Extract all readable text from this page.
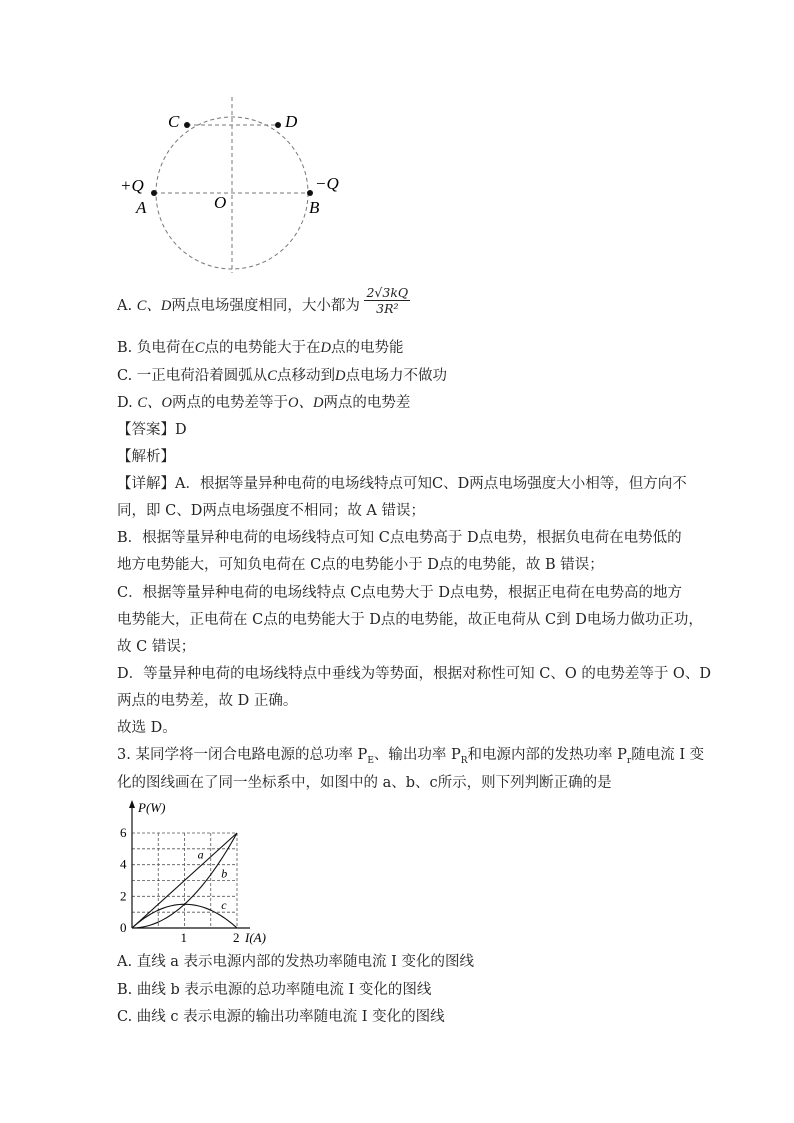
C	D
+Q	−Q
A	O	B
A. C、D两点电场强度相同，大小都为 $\frac{2√3kQ}{\text{3R²}}$
B. 负电荷在C点的电势能大于在D点的电势能
C. 一正电荷沿着圆弧从C点移动到D点电场力不做功
D. C、O两点的电势差等于O、D两点的电势差
【答案】D
【解析】
【详解】A．根据等量异种电荷的电场线特点可知C、D两点电场强度大小相等，但方向不
同，即 C、D两点电场强度不相同；故 A 错误；
B．根据等量异种电荷的电场线特点可知 C点电势高于 D点电势，根据负电荷在电势低的
地方电势能大，可知负电荷在 C点的电势能小于 D点的电势能，故 B 错误；
C．根据等量异种电荷的电场线特点 C点电势大于 D点电势，根据正电荷在电势高的地方
电势能大，正电荷在 C点的电势能大于 D点的电势能，故正电荷从 C到 D电场力做功正功，
故 C 错误；
D．等量异种电荷的电场线特点中垂线为等势面，根据对称性可知 C、O 的电势差等于 O、D
两点的电势差，故 D 正确。
故选 D。
3. 某同学将一闭合电路电源的总功率 $P_E$、输出功率 $P_R$和电源内部的发热功率 $P_r$随电流 I 变
化的图线画在了同一坐标系中，如图中的 a、b、c所示，则下列判断正确的是
0
2
4
6
1	2
P(W)
I(A)
a
b
c
A. 直线 a 表示电源内部的发热功率随电流 I 变化的图线
B. 曲线 b 表示电源的总功率随电流 I 变化的图线
C. 曲线 c 表示电源的输出功率随电流 I 变化的图线
